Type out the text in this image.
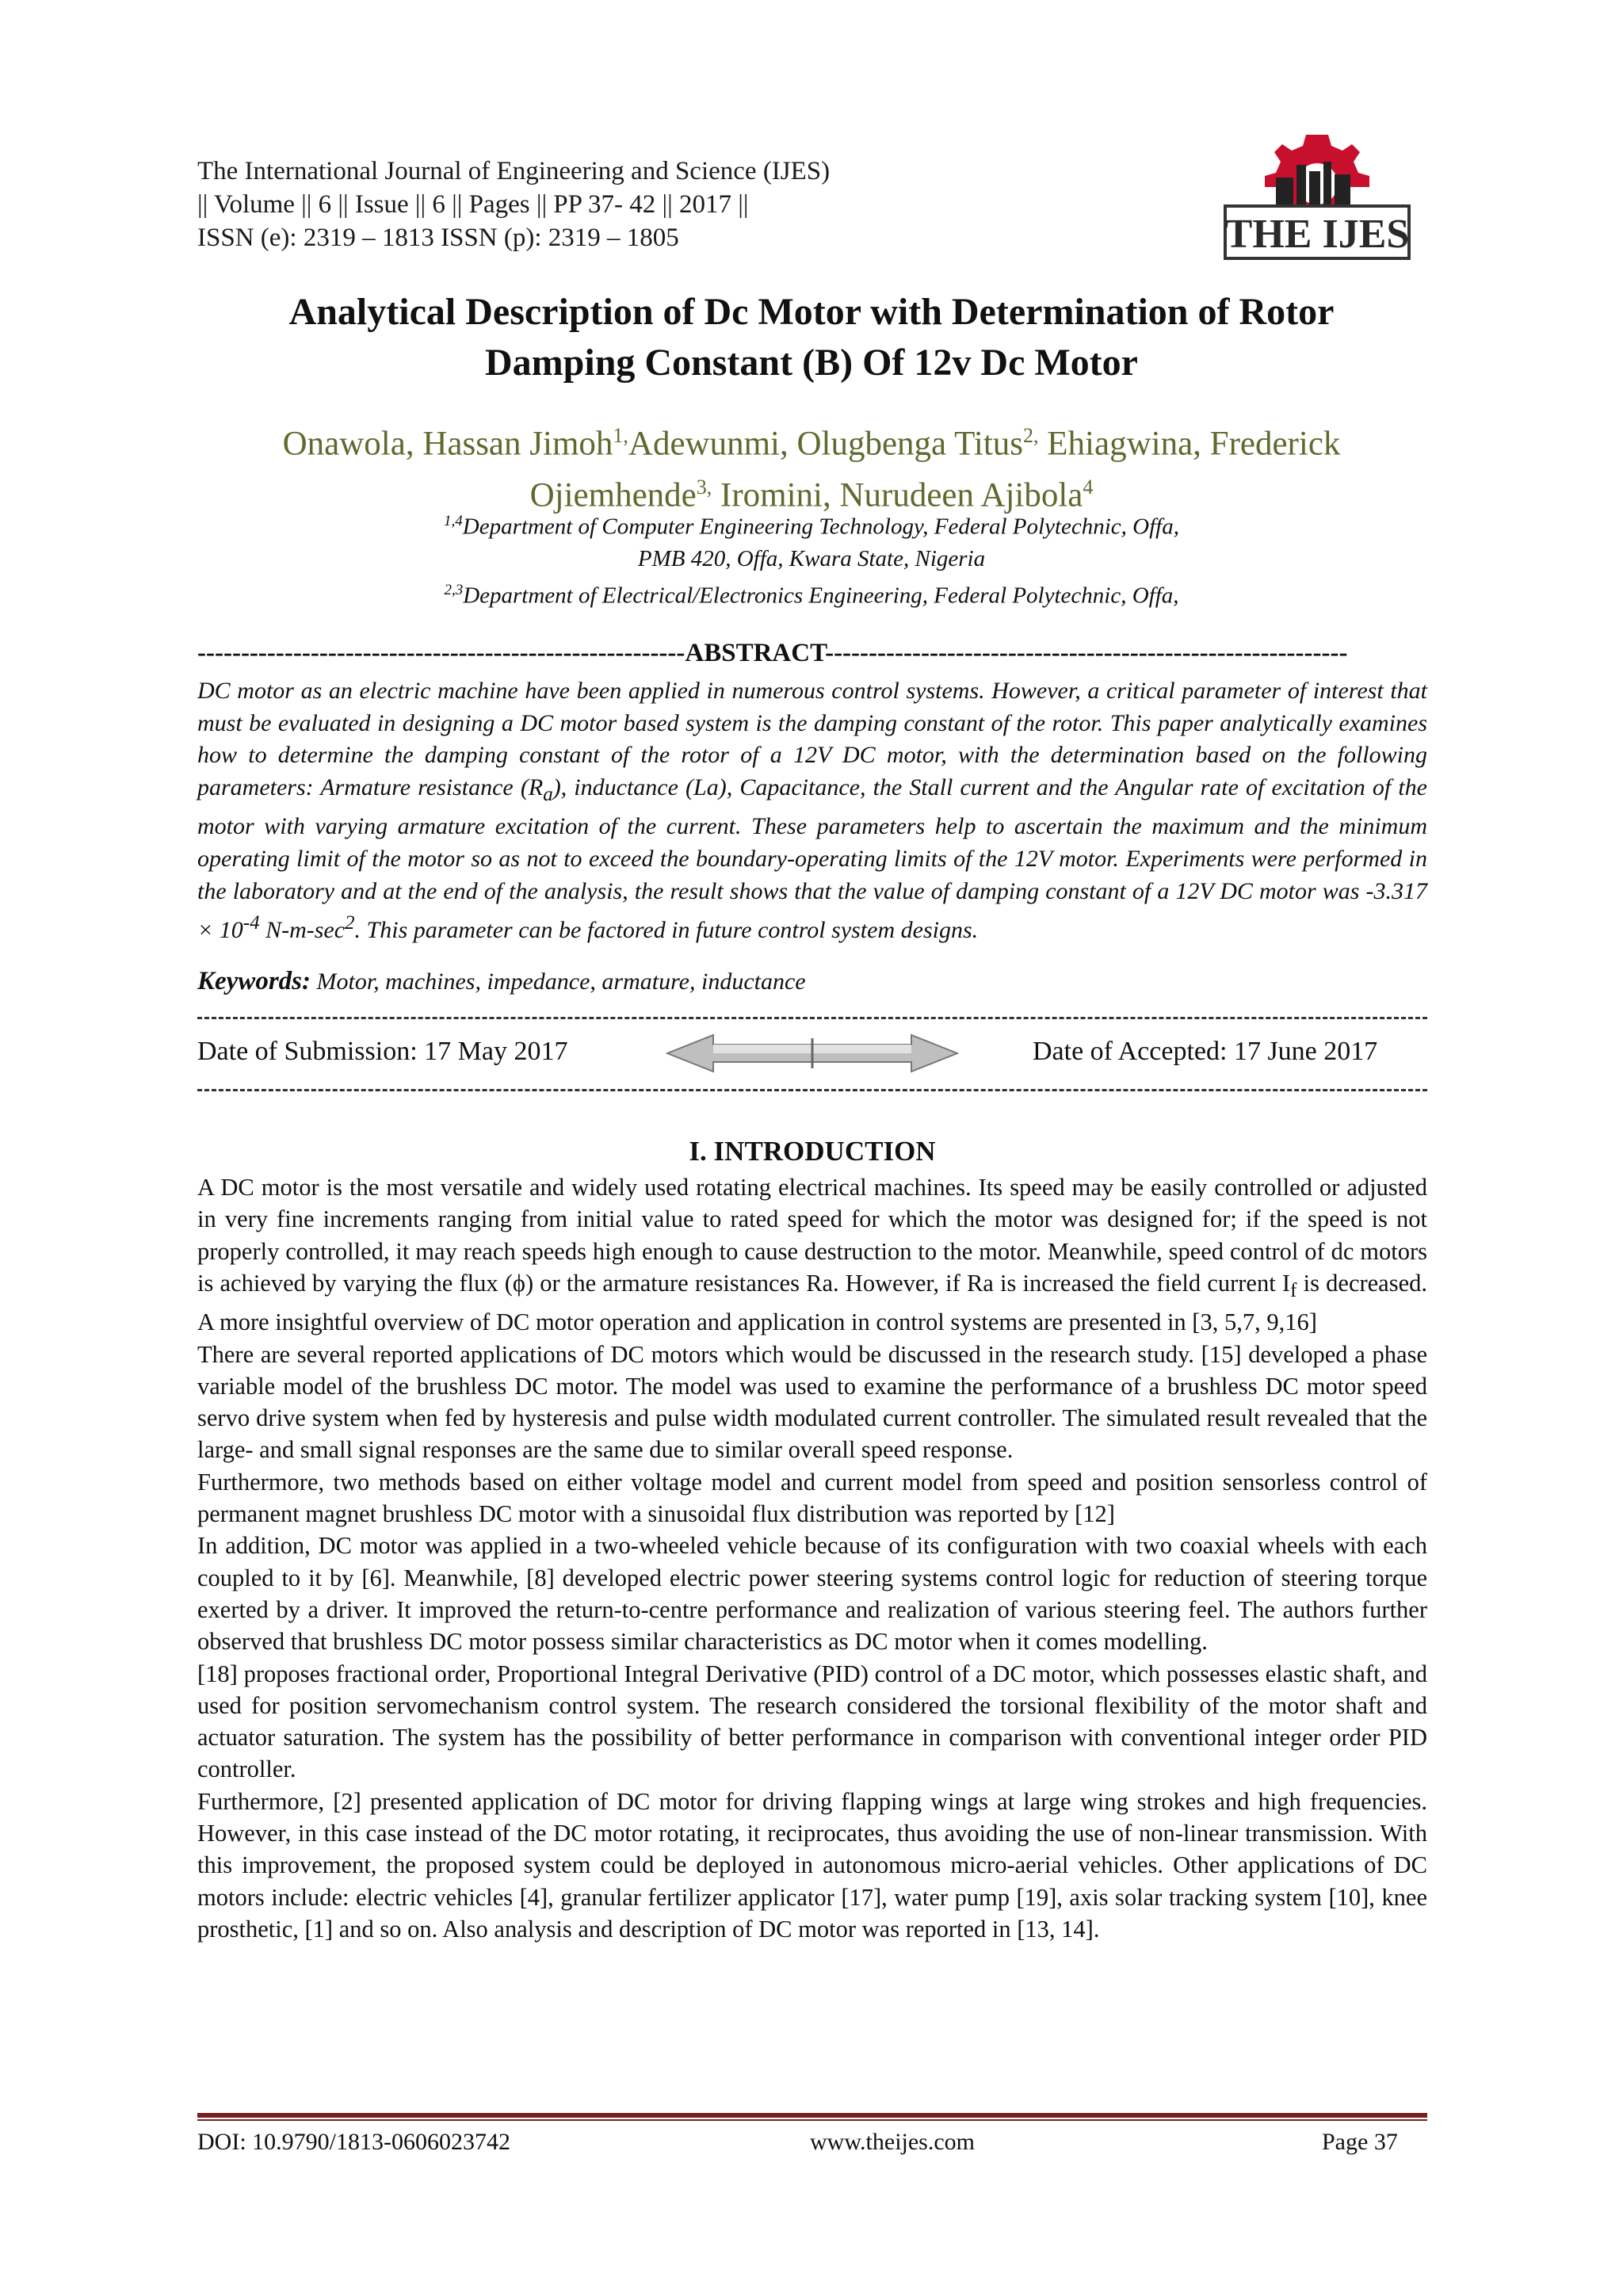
The International Journal of Engineering and Science (IJES)
|| Volume || 6 || Issue || 6 || Pages || PP 37- 42 || 2017 ||
ISSN (e): 2319 – 1813 ISSN (p): 2319 – 1805	THE IJES
Analytical Description of Dc Motor with Determination of Rotor
Damping Constant (Β) Of 12v Dc Motor
Onawola, Hassan Jimoh$^{1,}$Adewunmi, Olugbenga Titus$^{2,}$ Ehiagwina, Frederick
Ojiemhende$^{3,}$ Iromini, Nurudeen Ajibola$^4$
$^{1,4}$Department of Computer Engineering Technology, Federal Polytechnic, Offa,
PMB 420, Offa, Kwara State, Nigeria
$^{2,3}$Department of Electrical/Electronics Engineering, Federal Polytechnic, Offa,
--------------------------------------------------------ABSTRACT------------------------------------------------------------
DC motor as an electric machine have been applied in numerous control systems. However, a critical parameter of interest that must be evaluated in designing a DC motor based system is the damping constant of the rotor. This paper analytically examines how to determine the damping constant of the rotor of a 12V DC motor, with the determination based on the following parameters: Armature resistance $(R_a)$, inductance (La), Capacitance, the Stall current and the Angular rate of excitation of the motor with varying armature excitation of the current. These parameters help to ascertain the maximum and the minimum operating limit of the motor so as not to exceed the boundary-operating limits of the 12V motor. Experiments were performed in the laboratory and at the end of the analysis, the result shows that the value of damping constant of a 12V DC motor was $-3.317 \times 10^{-4}$ $N-m-\sec^2$. This parameter can be factored in future control system designs.
Keywords: Motor, machines, impedance, armature, inductance
Date of Submission: 17 May 2017	Date of Accepted: 17 June 2017
I. INTRODUCTION

A DC motor is the most versatile and widely used rotating electrical machines. Its speed may be easily controlled or adjusted in very fine increments ranging from initial value to rated speed for which the motor was designed for; if the speed is not properly controlled, it may reach speeds high enough to cause destruction to the motor. Meanwhile, speed control of dc motors is achieved by varying the flux (ϕ) or the armature resistances Ra. However, if Ra is increased the field current $I_f$ is decreased. A more insightful overview of DC motor operation and application in control systems are presented in [3, 5,7, 9,16]

There are several reported applications of DC motors which would be discussed in the research study. [15] developed a phase variable model of the brushless DC motor. The model was used to examine the performance of a brushless DC motor speed servo drive system when fed by hysteresis and pulse width modulated current controller. The simulated result revealed that the large- and small signal responses are the same due to similar overall speed response.

Furthermore, two methods based on either voltage model and current model from speed and position sensorless control of permanent magnet brushless DC motor with a sinusoidal flux distribution was reported by [12]

In addition, DC motor was applied in a two-wheeled vehicle because of its configuration with two coaxial wheels with each coupled to it by [6]. Meanwhile, [8] developed electric power steering systems control logic for reduction of steering torque exerted by a driver. It improved the return-to-centre performance and realization of various steering feel. The authors further observed that brushless DC motor possess similar characteristics as DC motor when it comes modelling.

[18] proposes fractional order, Proportional Integral Derivative (PID) control of a DC motor, which possesses elastic shaft, and used for position servomechanism control system. The research considered the torsional flexibility of the motor shaft and actuator saturation. The system has the possibility of better performance in comparison with conventional integer order PID controller.

Furthermore, [2] presented application of DC motor for driving flapping wings at large wing strokes and high frequencies. However, in this case instead of the DC motor rotating, it reciprocates, thus avoiding the use of non-linear transmission. With this improvement, the proposed system could be deployed in autonomous micro-aerial vehicles. Other applications of DC motors include: electric vehicles [4], granular fertilizer applicator [17], water pump [19], axis solar tracking system [10], knee prosthetic, [1] and so on. Also analysis and description of DC motor was reported in [13, 14].

DOI: 10.9790/1813-0606023742	www.theijes.com	Page 37
